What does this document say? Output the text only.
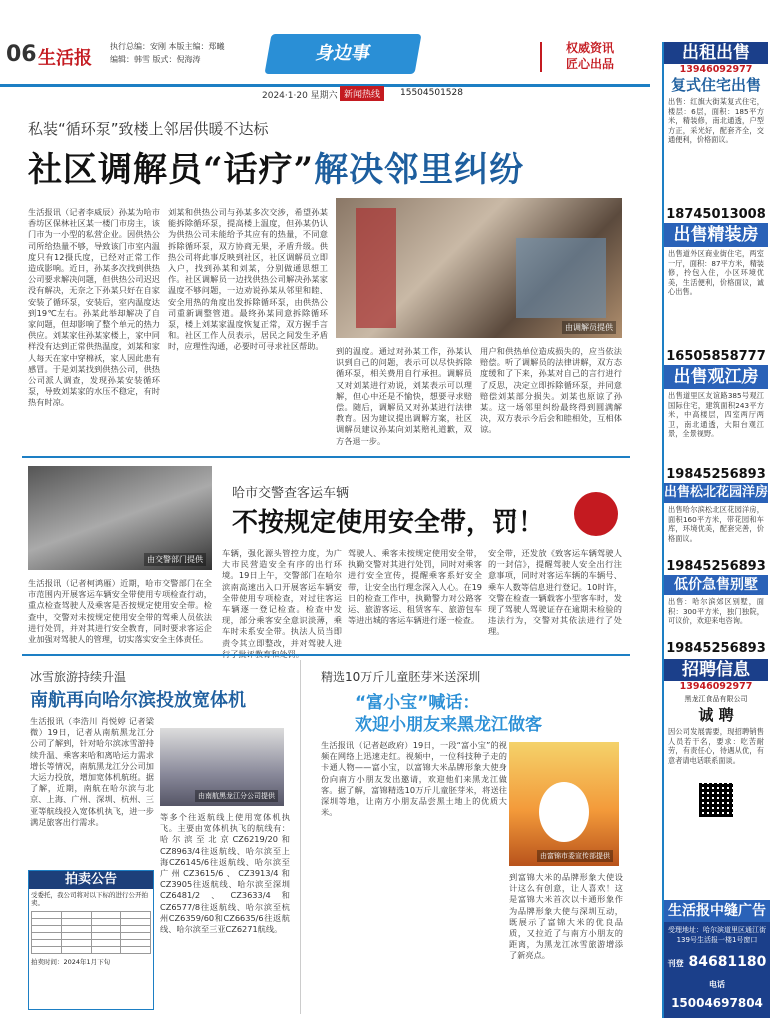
06 生活报
执行总编：安刚 本版主编：郑曦
编辑：韩雪 版式：倪海涛	身边事	权威资讯
匠心出品
2024·1·20 星期六 新闻热线	15504501528
私装“循环泵”致楼上邻居供暖不达标
社区调解员“话疗”解决邻里纠纷
生活报讯（记者李威辰）孙某为哈市香坊区保林社区某一楼门市房主，该门市为一小型的私营企业。因供热公司所给热量不够，导致该门市室内温度只有12摄氏度，已经对正常工作造成影响。近日，孙某多次找到供热公司要求解决问题，但供热公司迟迟没有解决，无奈之下孙某只好在自家安装了循环泵，安装后，室内温度达到19℃左右。孙某此举却解决了自家问题，但却影响了整个单元的热力供应。刘某家住孙某家楼上，家中同样没有达到正常供热温度，刘某和家人每天在家中穿棉袄，家人因此患有感冒。于是刘某找到供热公司，供热公司派人调查，发现孙某安装循环泵，导致刘某家的水压不稳定，有时热有时凉。
刘某和供热公司与孙某多次交涉，希望孙某能拆除循环泵，提高楼上温度，但孙某仍认为供热公司未能给予其应有的热量，不同意拆除循环泵，双方协商无果，矛盾升级。供热公司将此事反映到社区，社区调解员立即入户，找到孙某和刘某，分别做通思想工作。社区调解员一边找供热公司解决孙某家温度不够问题，一边劝说孙某从邻里和睦、安全用热的角度出发拆除循环泵，由供热公司重新调整管道。最终孙某同意拆除循环泵，楼上刘某家温度恢复正常，双方握手言和。社区工作人员表示，居民之间发生矛盾时，应理性沟通，必要时可寻求社区帮助。
由调解员提供
到的温度。通过对孙某工作，孙某认识到自己的问题，表示可以尽快拆除循环泵，相关费用自行承担。调解员又对刘某进行劝说，刘某表示可以理解，但心中还是不愉快，想要寻求赔偿。随后，调解员又对孙某进行法律教育。因为建议提出调解方案，社区调解员建议孙某向刘某赔礼道歉，双方各退一步。
用户和供热单位造成损失的，应当依法赔偿。听了调解员的法律讲解，双方态度缓和了下来，孙某对自己的言行进行了反思，决定立即拆除循环泵，并同意赔偿刘某部分损失。刘某也原谅了孙某。这一场邻里纠纷最终得到圆满解决，双方表示今后会和睦相处，互相体谅。
由交警部门提供
哈市交警查客运车辆
不按规定使用安全带，罚！
生活报讯（记者柯鸿雁）近期，哈市交警部门在全市范围内开展客运车辆安全带使用专项检查行动，重点检查驾驶人及乘客是否按规定使用安全带。检查中，交警对未按规定使用安全带的驾乘人员依法进行处罚，并对其进行安全教育，同时要求客运企业加强对驾驶人的管理，切实落实安全主体责任。
车辆，强化源头管控力度，为广大市民营造安全有序的出行环境。19日上午，交警部门在哈尔滨南高速出入口开展客运车辆安全带使用专项检查，对过往客运车辆逐一登记检查。检查中发现，部分乘客安全意识淡薄，乘车时未系安全带。执法人员当即责令其立即整改，并对驾驶人进
驾驶人、乘客未按规定使用安全带，执勤交警对其进行处罚，同时对乘客进行安全宣传，提醒乘客系好安全带，让安全出行理念深入人心。在19日的检查工作中，执勤警力对公路客运、旅游客运、租赁客车、旅游包车等进出城的客运车辆进行逐一检查。
安全带，还发放《致客运车辆驾驶人的一封信》，提醒驾驶人安全出行注意事项，同时对客运车辆的车辆号、乘车人数等信息进行登记。10时许，交警在检查一辆载客小型客车时，发现了驾驶人驾驶证存在逾期未检验的违法行为，交警对其依法进行了处理。
冰雪旅游持续升温
南航再向哈尔滨投放宽体机
生活报讯（李浩川 肖悦婷 记者梁微）19日，记者从南航黑龙江分公司了解到，针对哈尔滨冰雪游持续升温、乘客来哈和离哈运力需求增长等情况，南航黑龙江分公司加大运力投放，增加宽体机航班。据了解，近期，南航在哈尔滨与北京、上海、广州、深圳、杭州、三亚等航线投入宽体机执飞，进一步满足旅客出行需求。
由南航黑龙江分公司提供
等多个往返航线上使用宽体机执飞。主要由宽体机执飞的航线有：哈尔滨至北京CZ6219/20和CZ8963/4往返航线、哈尔滨至上海CZ6145/6往返航线、哈尔滨至广州CZ3615/6、CZ3913/4和CZ3905往返航线、哈尔滨至深圳CZ6481/2、CZ3633/4和CZ6577/8往返航线、哈尔滨至杭州CZ6359/60和CZ6635/6往返航线、哈尔滨至三亚CZ6271航线。
拍卖公告
受委托，我公司将对以下标的进行公开拍卖。

拍卖时间：2024年1月下旬
精选10万斤儿童胚芽米送深圳
“富小宝”喊话：
欢迎小朋友来黑龙江做客
生活报讯（记者赵政府）19日，一段“富小宝”的视频在网络上迅速走红。视频中，一位科技种子走的卡通人物——富小宝，以富锦大米品牌形象大使身份向南方小朋友发出邀请，欢迎他们来黑龙江做客。据了解，富锦精选10万斤儿童胚芽米，将送往深圳等地，让南方小朋友品尝黑土地上的优质大米。
由富锦市委宣传部提供
到富锦大米的品牌形象大使设计这么有创意，让人喜欢！这是富锦大米首次以卡通形象作为品牌形象大使与深圳互动，既展示了富锦大米的优良品质，又拉近了与南方小朋友的距离，为黑龙江冰雪旅游增添了新亮点。
出租出售
13946092977
复式住宅出售
出售：红旗大街某复式住宅，楼层：6层，面积：185平方米，精装修，南北通透，户型方正，采光好，配套齐全，交通便利，价格面议。
18745013008
出售精装房
出售道外区商业街住宅，两室一厅，面积：87平方米，精装修，拎包入住，小区环境优美，生活便利，价格面议，诚心出售。
16505858777
出售观江房
出售道里区友谊路385号观江国际住宅，建筑面积243平方米，中高楼层，四室两厅两卫，南北通透，大阳台观江景，全景视野。
19845256893
出售松北花园洋房
出售哈尔滨松北区花园洋房，面积160平方米，带花园和车库，环境优美，配套完善，价格面议。
19845256893
低价急售别墅
出售：哈尔滨郊区别墅，面积：300平方米，独门独院，可议价，欢迎来电咨询。
19845256893
招聘信息
13946092977
黑龙江食品有限公司
诚 聘
因公司发展需要，现招聘销售人员若干名，要求：吃苦耐劳，有责任心，待遇从优，有意者请电话联系面谈。
生活报中缝广告
受理地址：哈尔滨道里区通江街139号生活报一楼1号窗口
刊登 84681180
电话 15004697804
